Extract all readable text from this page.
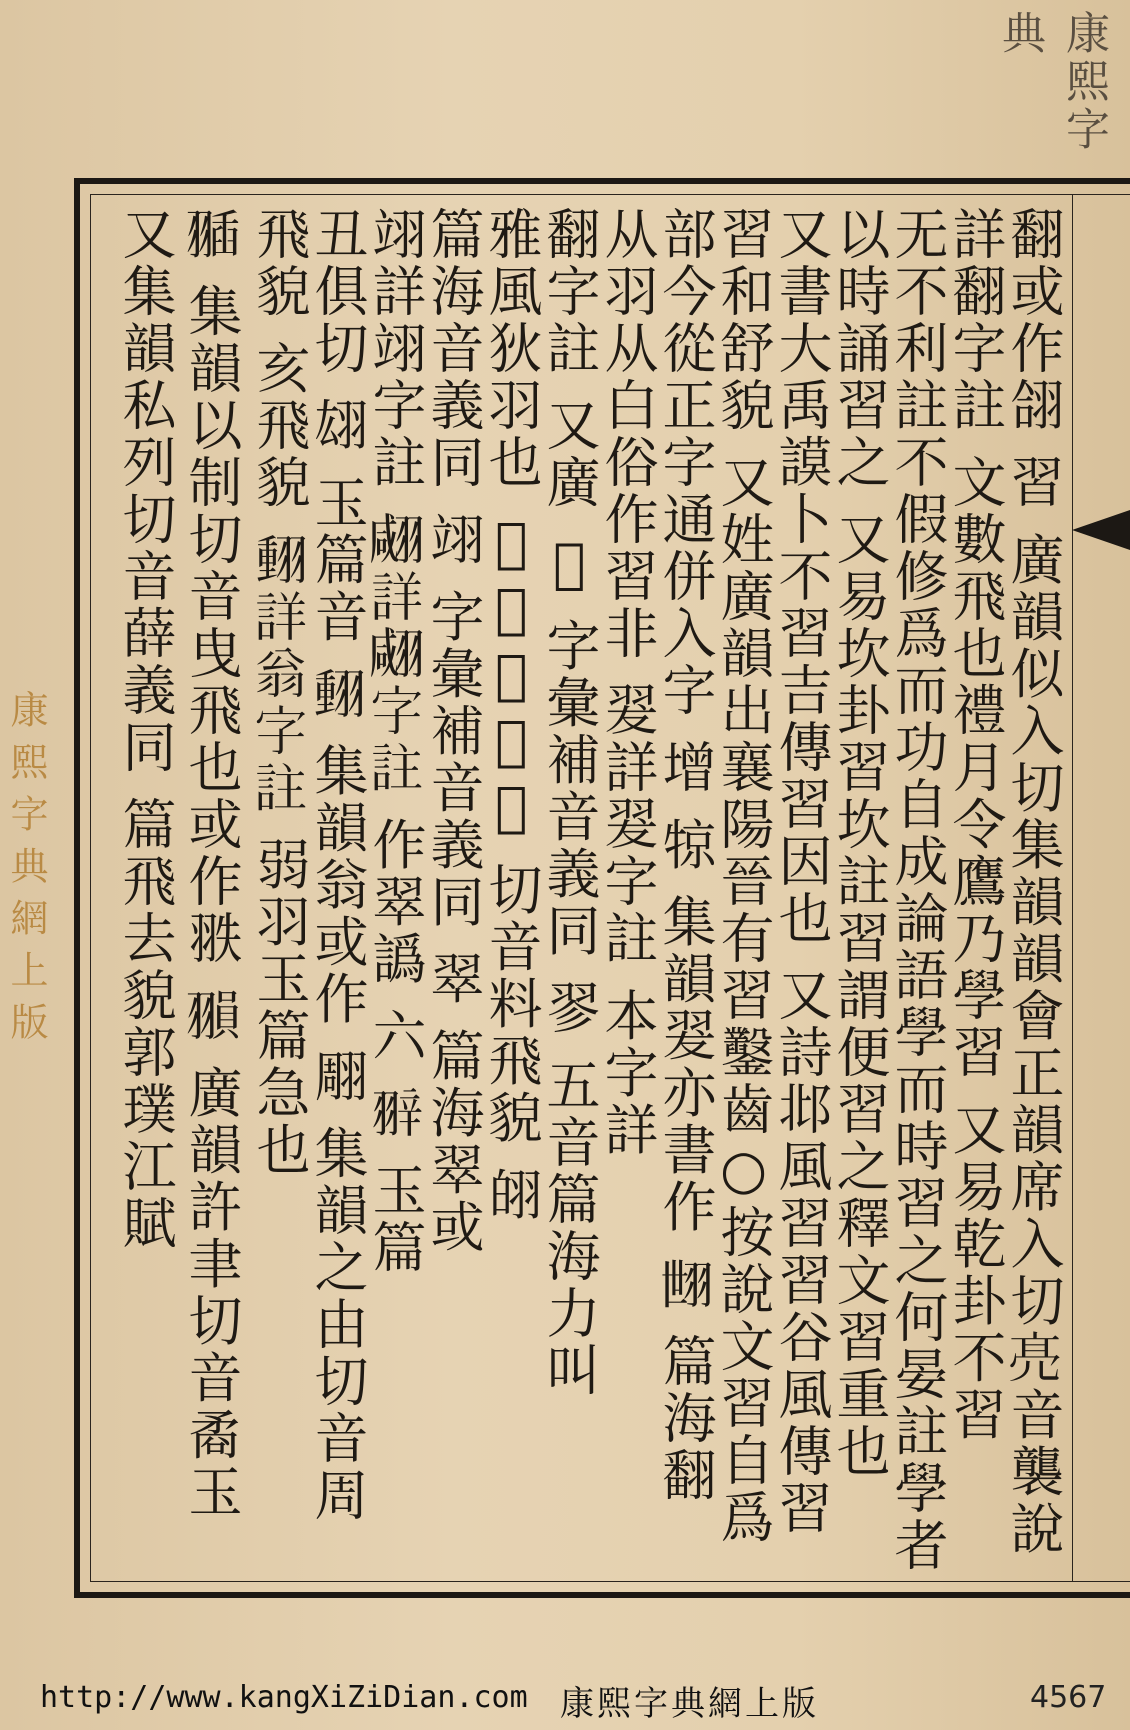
康熙字典
翻或作翖 習 廣韻似入切集韻韻會正韻席入切𠅙音襲說
詳翻字註 文數飛也禮月令鷹乃學習 又易乾卦不習
无不利註不假修爲而功自成論語學而時習之何晏註學者
以時誦習之 又易坎卦習坎註習謂便習之釋文習重也
又書大禹謨卜不習吉傳習因也 又詩邶風習習谷風傳習
習和舒貌 又姓廣韻出襄陽晉有習鑿齒○按說文習自爲
部今從正字通併入字 增 㹁 集韻翇亦書作 𦐞 篇海翻
从羽从白俗作習非 翇詳翇字註 本字詳
翻字註 又廣 𦐜 字彙補音義同 翏 五音篇海力叫
雅風狄羽也 𦐜詳𦐜字註 切音料飛貌 䎅
篇海音義同 翊 字彙補音義同 翠 篇海翠或
翊詳翊字註 𦑘詳𦑘字註 作翠譌 六 𦐹 玉篇
丑俱切 翃 玉篇音 𦑝 集韻翁或作 翢 集韻之由切音周
飛貌 亥飛貌 𦑝詳翁字註 弱羽玉篇急也
𦑣 集韻以制切音曳飛也或作翐 𦑰 廣韻許聿切音矞玉
又集韻私列切音薛義同 篇飛去貌郭璞江賦
康熙字典網上版
http://www.kangXiZiDian.com 康熙字典網上版	4567
